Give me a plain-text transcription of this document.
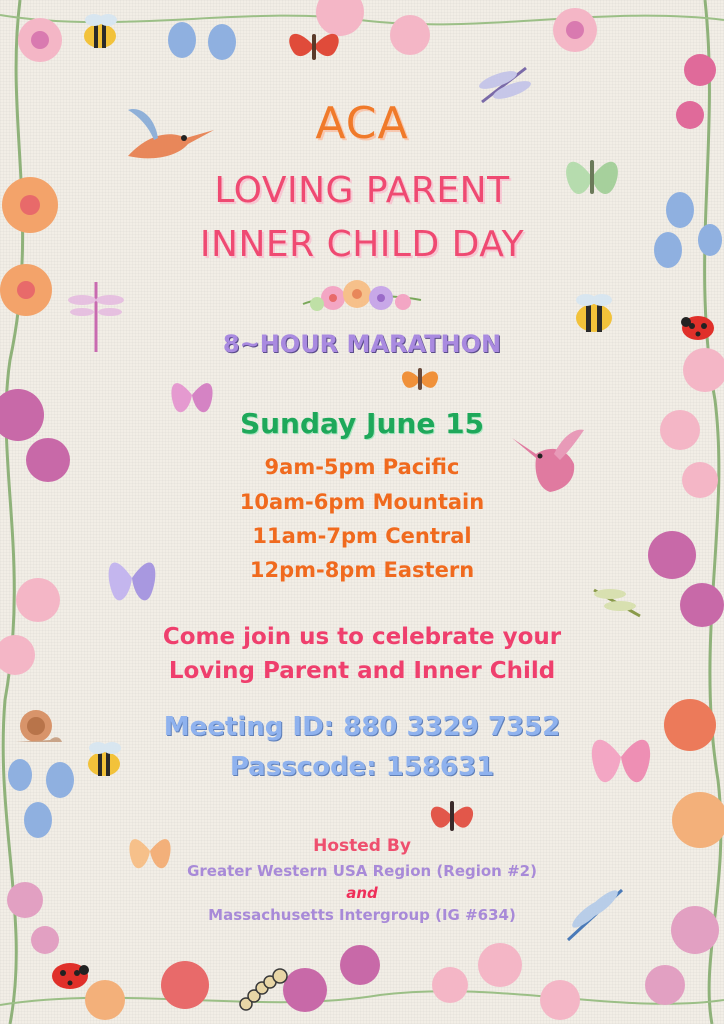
ACA
LOVING PARENT
INNER CHILD DAY
8~HOUR MARATHON
Sunday June 15
9am-5pm Pacific
10am-6pm Mountain
11am-7pm Central
12pm-8pm Eastern
Come join us to celebrate your
Loving Parent and Inner Child
Meeting ID: 880 3329 7352
Passcode: 158631
Hosted By
Greater Western USA Region (Region #2)
and
Massachusetts Intergroup (IG #634)
